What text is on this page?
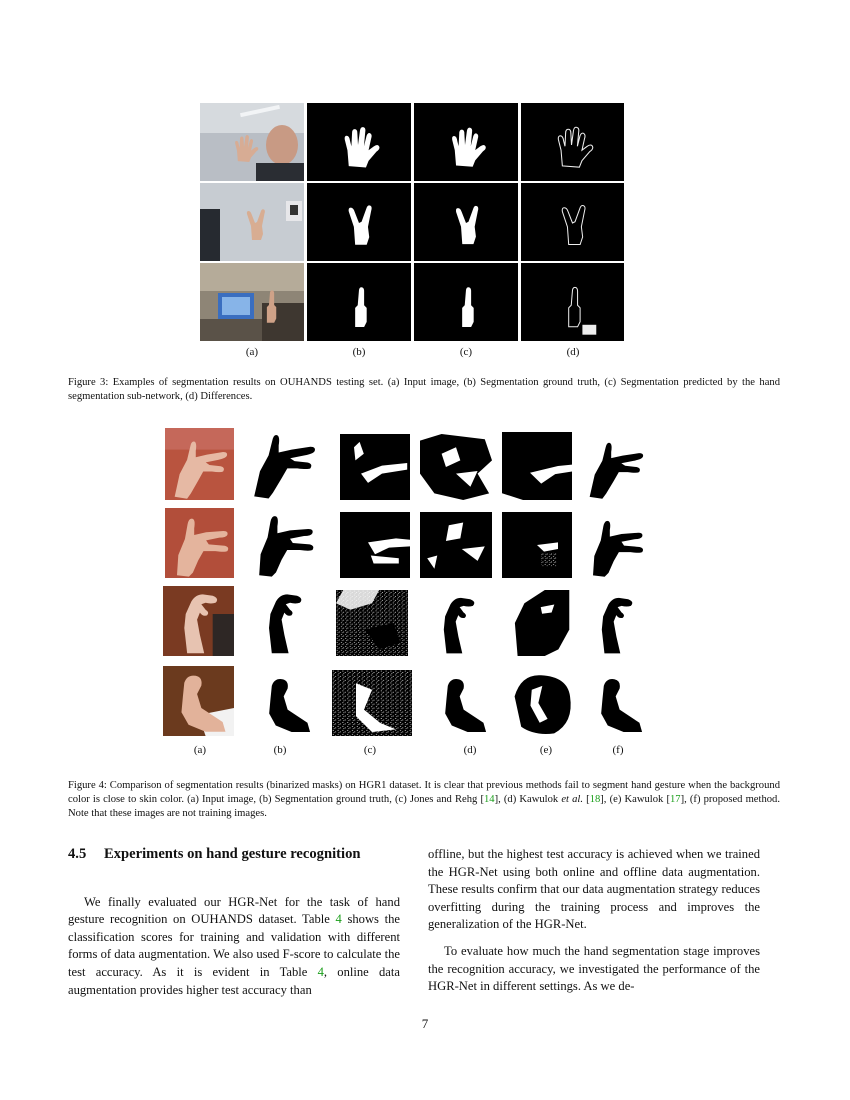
(a)	(b)	(c)	(d)
Figure 3: Examples of segmentation results on OUHANDS testing set. (a) Input image, (b) Segmentation ground truth, (c) Segmentation predicted by the hand segmentation sub-network, (d) Differences.
(a)	(b)	(c)	(d)	(e)	(f)
Figure 4: Comparison of segmentation results (binarized masks) on HGR1 dataset. It is clear that previous methods fail to segment hand gesture when the background color is close to skin color. (a) Input image, (b) Segmentation ground truth, (c) Jones and Rehg [14], (d) Kawulok et al. [18], (e) Kawulok [17], (f) proposed method. Note that these images are not training images.
4.5 Experiments on hand gesture recognition

We finally evaluated our HGR-Net for the task of hand gesture recognition on OUHANDS dataset. Table 4 shows the classification scores for training and validation with different forms of data augmentation. We also used F-score to calculate the test accuracy. As it is evident in Table 4, online data augmentation provides higher test accuracy than

offline, but the highest test accuracy is achieved when we trained the HGR-Net using both online and offline data augmentation. These results confirm that our data augmentation strategy reduces overfitting during the training process and improves the generalization of the HGR-Net.

To evaluate how much the hand segmentation stage improves the recognition accuracy, we investigated the performance of the HGR-Net in different settings. As we de-

7
